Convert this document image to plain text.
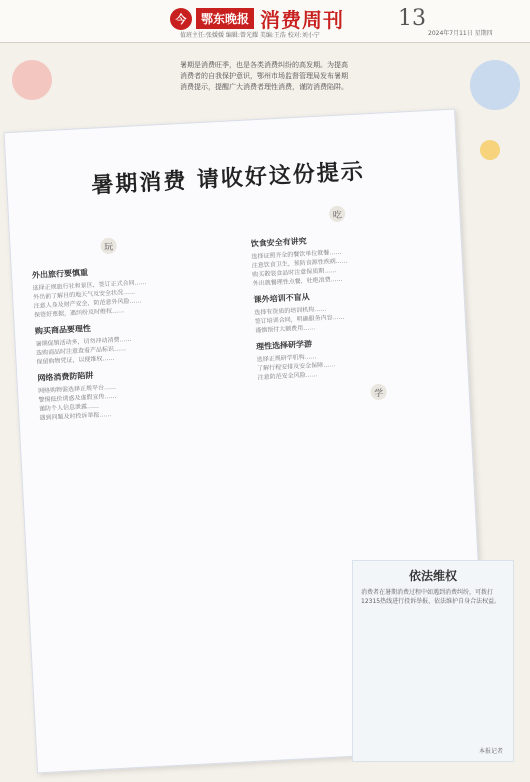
今	鄂东晚报 消费周刊 13
2024年7月11日 星期四
值班主任:张媛媛 编辑:曾光耀 美编:王浩 校对:刘小宁
暑期是消费旺季，也是各类消费纠纷的高发期。为提高消费者的自我保护意识，鄂州市场监督管理局发布暑期消费提示，提醒广大消费者理性消费，谨防消费陷阱。
暑期消费 请收好这份提示
玩
吃
学
外出旅行要慎重
选择正规旅行社和景区，签订正式合同……
外出前了解目的地天气及安全状况……
注意人身及财产安全，防范意外风险……
保管好票据，遇纠纷及时维权……
购买商品要理性
暑期促销活动多，切勿冲动消费……
选购商品时注意查看产品标识……
保留购物凭证，以便维权……
网络消费防陷阱
网络购物需选择正规平台……
警惕低价诱惑及虚假宣传……
谨防个人信息泄露……
遇到问题及时投诉举报……
饮食安全有讲究
选择证照齐全的餐饮单位就餐……
注意饮食卫生，预防食源性疾病……
购买散装食品时注意保质期……
外出就餐理性点餐，杜绝浪费……
课外培训不盲从
选择有资质的培训机构……
签订培训合同，明确服务内容……
谨慎预付大额费用……
理性选择研学游
选择正规研学机构……
了解行程安排及安全保障……
注意防范安全风险……
依法维权
消费者在暑期消费过程中如遇到消费纠纷，可拨打12315热线进行投诉举报，依法维护自身合法权益。
本报记者
